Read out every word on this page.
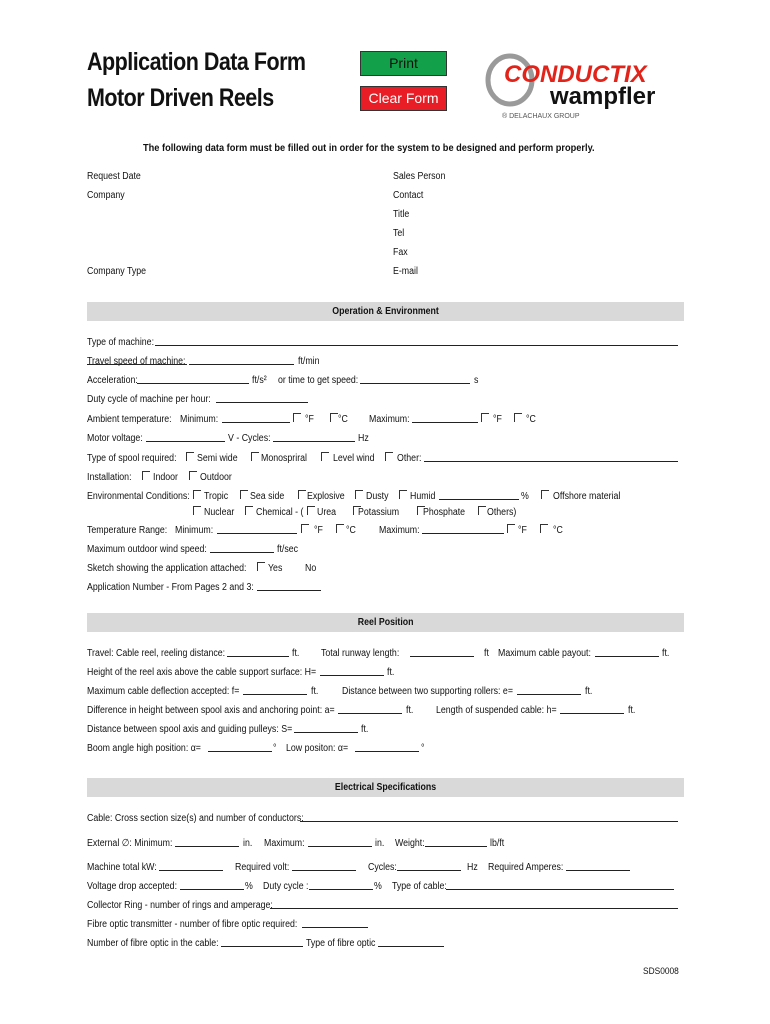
Application Data Form
Motor Driven Reels
Print
Clear Form
CONDUCTIX
wampfler
® DELACHAUX GROUP
The following data form must be filled out in order for the system to be designed and perform properly.
Request Date
Company
Company Type
Sales Person
Contact
Title
Tel
Fax
E-mail
Operation & Environment
Type of machine:
Travel speed of machine:	ft/min
Acceleration:	ft/s² or time to get speed:	s
Duty cycle of machine per hour:
Ambient temperature: Minimum:	°F °C Maximum:	°F °C
Motor voltage:	V - Cycles:	Hz
Type of spool required: Semi wide Monospriral	Level wind Other:
Installation: Indoor Outdoor
Environmental Conditions: Tropic Sea side Explosive Dusty Humid	% Offshore material
Nuclear Chemical - ( Urea Potassium Phosphate Others)
Temperature Range: Minimum:	°F °C Maximum:	°F	°C
Maximum outdoor wind speed:	ft/sec
Sketch showing the application attached: Yes No
Application Number - From Pages 2 and 3:
Reel Position
Travel: Cable reel, reeling distance:	ft. Total runway length:	ft Maximum cable payout:	ft.
Height of the reel axis above the cable support surface: H=	ft.
Maximum cable deflection accepted: f=	ft. Distance between two supporting rollers: e=	ft.
Difference in height between spool axis and anchoring point: a=	ft. Length of suspended cable: h=	ft.
Distance between spool axis and guiding pulleys: S=	ft.
Boom angle high position: α=	° Low positon: α=	°
Electrical Specifications
Cable: Cross section size(s) and number of conductors:
External ∅: Minimum:	in. Maximum:	in. Weight:	lb/ft
Machine total kW:	Required volt:	Cycles:	Hz Required Amperes:
Voltage drop accepted:	% Duty cycle :	% Type of cable:
Collector Ring - number of rings and amperage:
Fibre optic transmitter - number of fibre optic required:
Number of fibre optic in the cable:	Type of fibre optic
SDS0008
